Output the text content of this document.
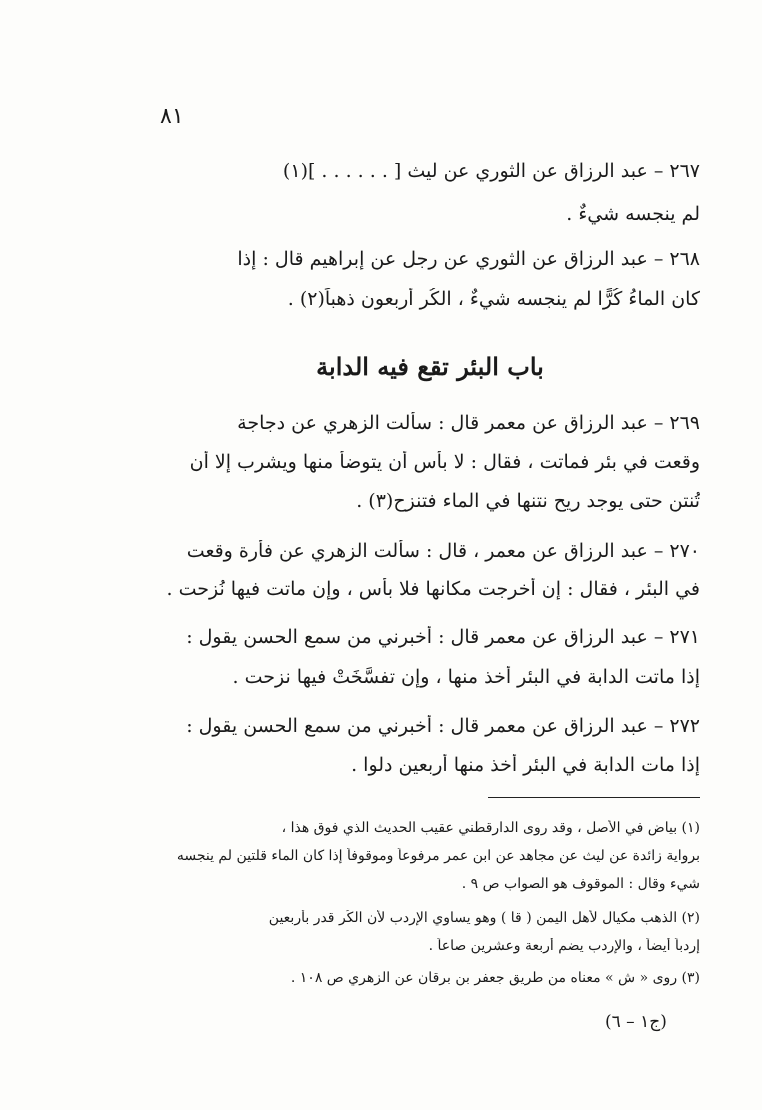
٨١
٢٦٧ – عبد الرزاق عن الثوري عن ليث [ . . . . . . ](١)
لم ينجسه شيءٌ .
٢٦٨ – عبد الرزاق عن الثوري عن رجل عن إبراهيم قال : إذا
كان الماءُ كُرًّا لم ينجسه شيءٌ ، الكُر أربعون ذهباً(٢) .
باب البئر تقع فيه الدابة
٢٦٩ – عبد الرزاق عن معمر قال : سألت الزهري عن دجاجة
وقعت في بئر فماتت ، فقال : لا بأس أن يتوضأ منها ويشرب إلا أن
تُنتن حتى يوجد ريح نتنها في الماء فتنزح(٣) .
٢٧٠ – عبد الرزاق عن معمر ، قال : سألت الزهري عن فأرة وقعت
في البئر ، فقال : إن أُخرجت مكانها فلا بأس ، وإن ماتت فيها نُزحت .
٢٧١ – عبد الرزاق عن معمر قال : أخبرني من سمع الحسن يقول :
إذا ماتت الدابة في البئر أُخذ منها ، وإن تفسَّخَتْ فيها نزحت .
٢٧٢ – عبد الرزاق عن معمر قال : أخبرني من سمع الحسن يقول :
إذا مات الدابة في البئر أخذ منها أربعين دلوا .
(١) بياض في الأصل ، وقد روى الدارقطني عقيب الحديث الذي فوق هذا ،
برواية زائدة عن ليث عن مجاهد عن ابن عمر مرفوعاً وموقوفاً إذا كان الماء قلتين لم ينجسه
شيء وقال : الموقوف هو الصواب ص ٩ .
(٢) الذهب مكيال لأهل اليمن ( قا ) وهو يساوي الإردب لأن الكُر قدر بأربعين
إردباً أيضاً ، والإردب يضم أربعة وعشرين صاعاً .
(٣) روى « ش » معناه من طريق جعفر بن برقان عن الزهري ص ١٠٨ .
(ج١ – ٦)
